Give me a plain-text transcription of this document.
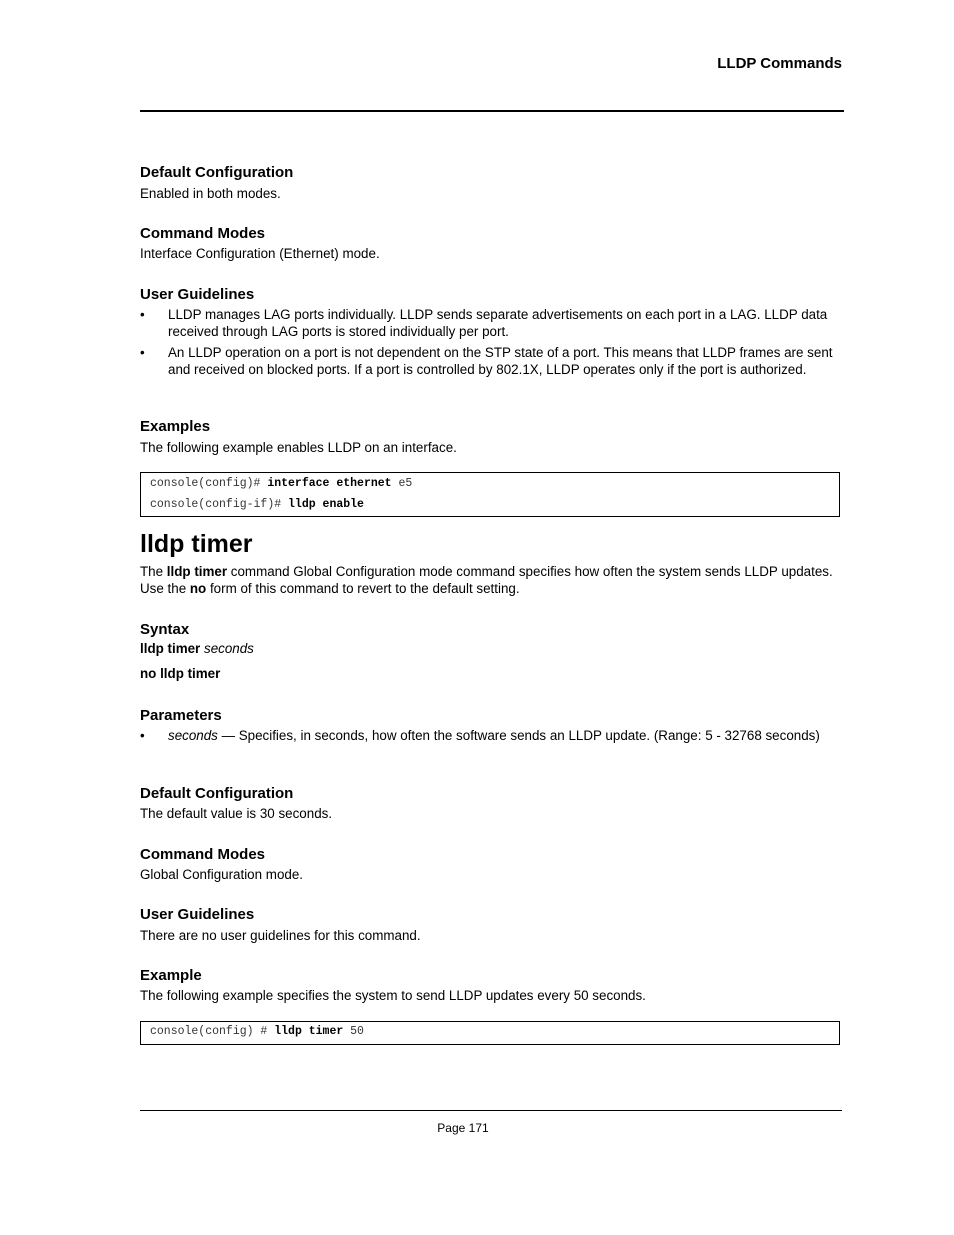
LLDP Commands
Default Configuration
Enabled in both modes.
Command Modes
Interface Configuration (Ethernet) mode.
User Guidelines
• LLDP manages LAG ports individually. LLDP sends separate advertisements on each port in a LAG. LLDP data received through LAG ports is stored individually per port.
• An LLDP operation on a port is not dependent on the STP state of a port. This means that LLDP frames are sent and received on blocked ports. If a port is controlled by 802.1X, LLDP operates only if the port is authorized.
Examples
The following example enables LLDP on an interface.
console(config)# interface ethernet e5
console(config-if)# lldp enable
lldp timer
The lldp timer command Global Configuration mode command specifies how often the system sends LLDP updates. Use the no form of this command to revert to the default setting.
Syntax
lldp timer seconds
no lldp timer
Parameters
• seconds — Specifies, in seconds, how often the software sends an LLDP update. (Range: 5 - 32768 seconds)
Default Configuration
The default value is 30 seconds.
Command Modes
Global Configuration mode.
User Guidelines
There are no user guidelines for this command.
Example
The following example specifies the system to send LLDP updates every 50 seconds.
console(config) # lldp timer 50
Page 171
